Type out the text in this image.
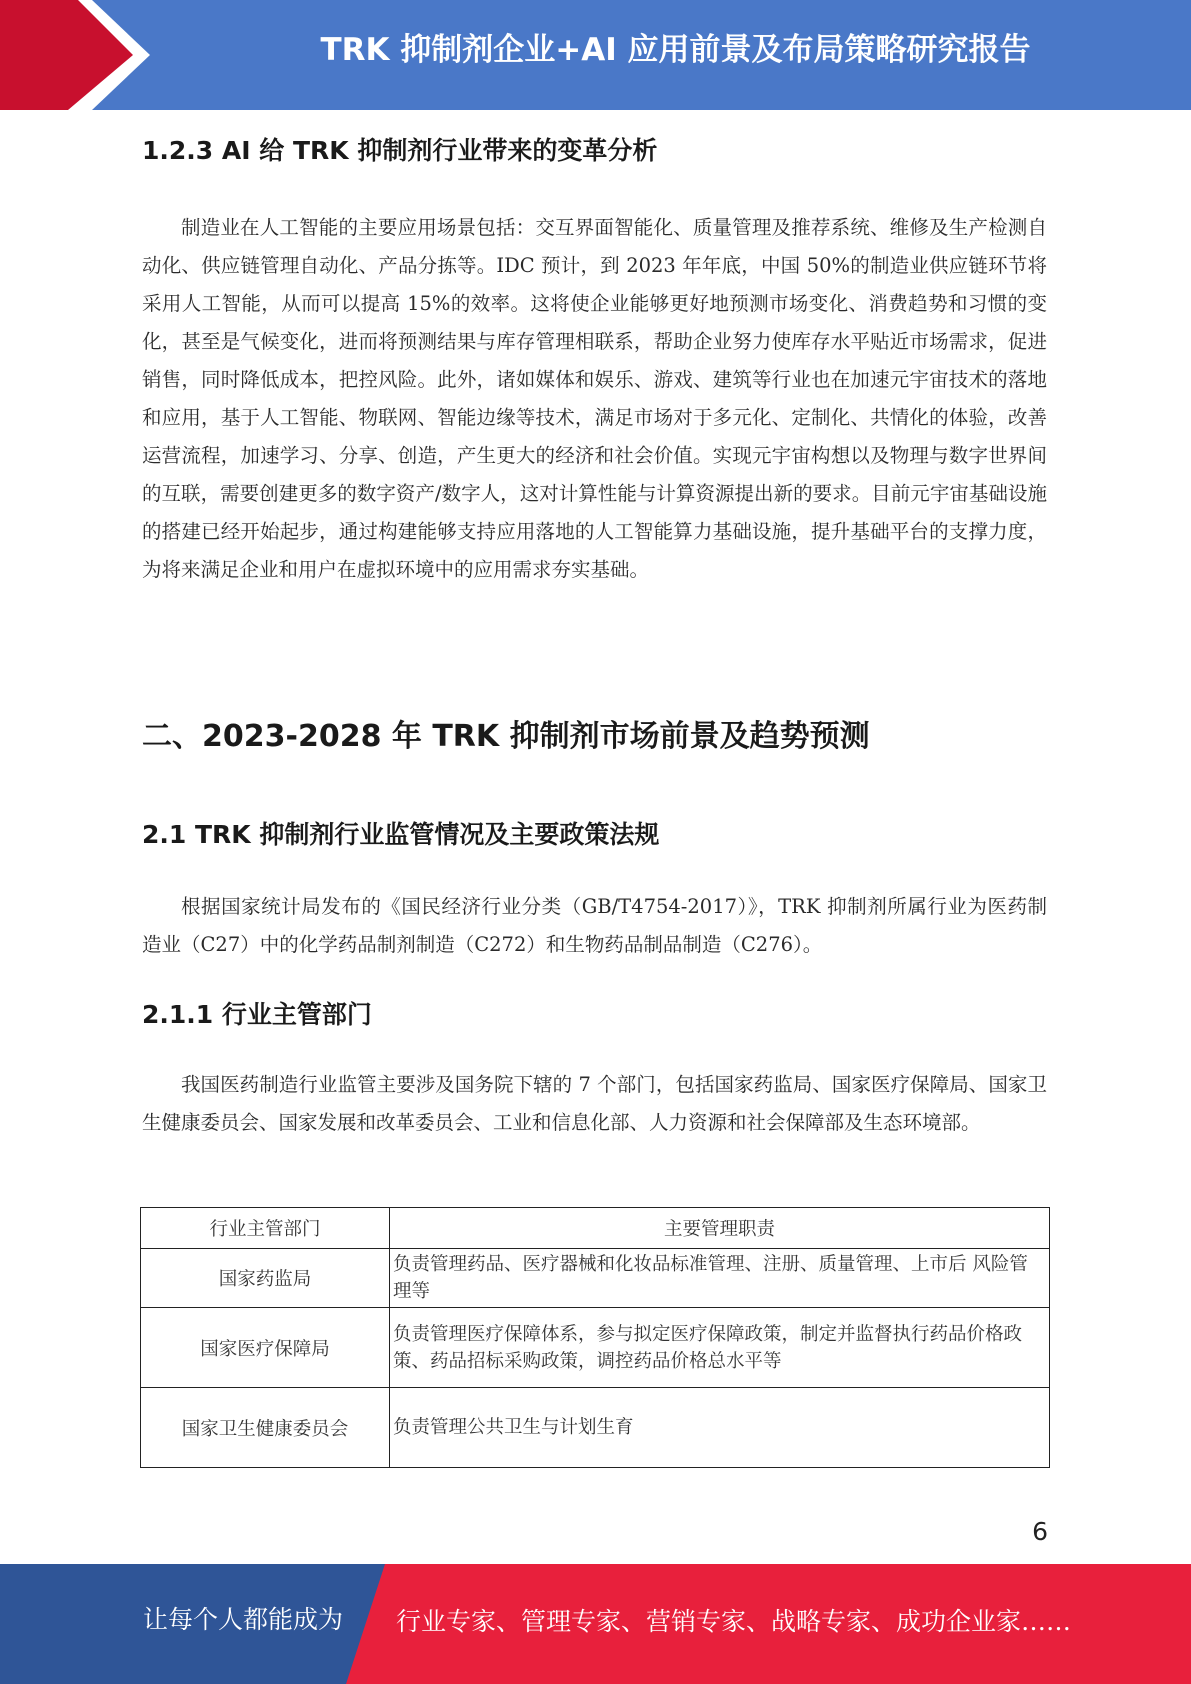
TRK 抑制剂企业+AI 应用前景及布局策略研究报告
1.2.3 AI 给 TRK 抑制剂行业带来的变革分析

制造业在人工智能的主要应用场景包括：交互界面智能化、质量管理及推荐系统、维修及生产检测自动化、供应链管理自动化、产品分拣等。IDC 预计，到 2023 年年底，中国 50%的制造业供应链环节将采用人工智能，从而可以提高 15%的效率。这将使企业能够更好地预测市场变化、消费趋势和习惯的变化，甚至是气候变化，进而将预测结果与库存管理相联系，帮助企业努力使库存水平贴近市场需求，促进销售，同时降低成本，把控风险。此外，诸如媒体和娱乐、游戏、建筑等行业也在加速元宇宙技术的落地和应用，基于人工智能、物联网、智能边缘等技术，满足市场对于多元化、定制化、共情化的体验，改善运营流程，加速学习、分享、创造，产生更大的经济和社会价值。实现元宇宙构想以及物理与数字世界间的互联，需要创建更多的数字资产/数字人，这对计算性能与计算资源提出新的要求。目前元宇宙基础设施的搭建已经开始起步，通过构建能够支持应用落地的人工智能算力基础设施，提升基础平台的支撑力度，为将来满足企业和用户在虚拟环境中的应用需求夯实基础。

二、2023-2028 年 TRK 抑制剂市场前景及趋势预测
2.1 TRK 抑制剂行业监管情况及主要政策法规

根据国家统计局发布的《国民经济行业分类（GB/T4754-2017）》，TRK 抑制剂所属行业为医药制造业（C27）中的化学药品制剂制造（C272）和生物药品制品制造（C276）。

2.1.1 行业主管部门

我国医药制造行业监管主要涉及国务院下辖的 7 个部门，包括国家药监局、国家医疗保障局、国家卫生健康委员会、国家发展和改革委员会、工业和信息化部、人力资源和社会保障部及生态环境部。

行业主管部门	主要管理职责
国家药监局	负责管理药品、医疗器械和化妆品标准管理、注册、质量管理、上市后 风险管理等
国家医疗保障局	负责管理医疗保障体系，参与拟定医疗保障政策，制定并监督执行药品价格政策、药品招标采购政策，调控药品价格总水平等
国家卫生健康委员会	负责管理公共卫生与计划生育
6
让每个人都能成为 行业专家、管理专家、营销专家、战略专家、成功企业家……
